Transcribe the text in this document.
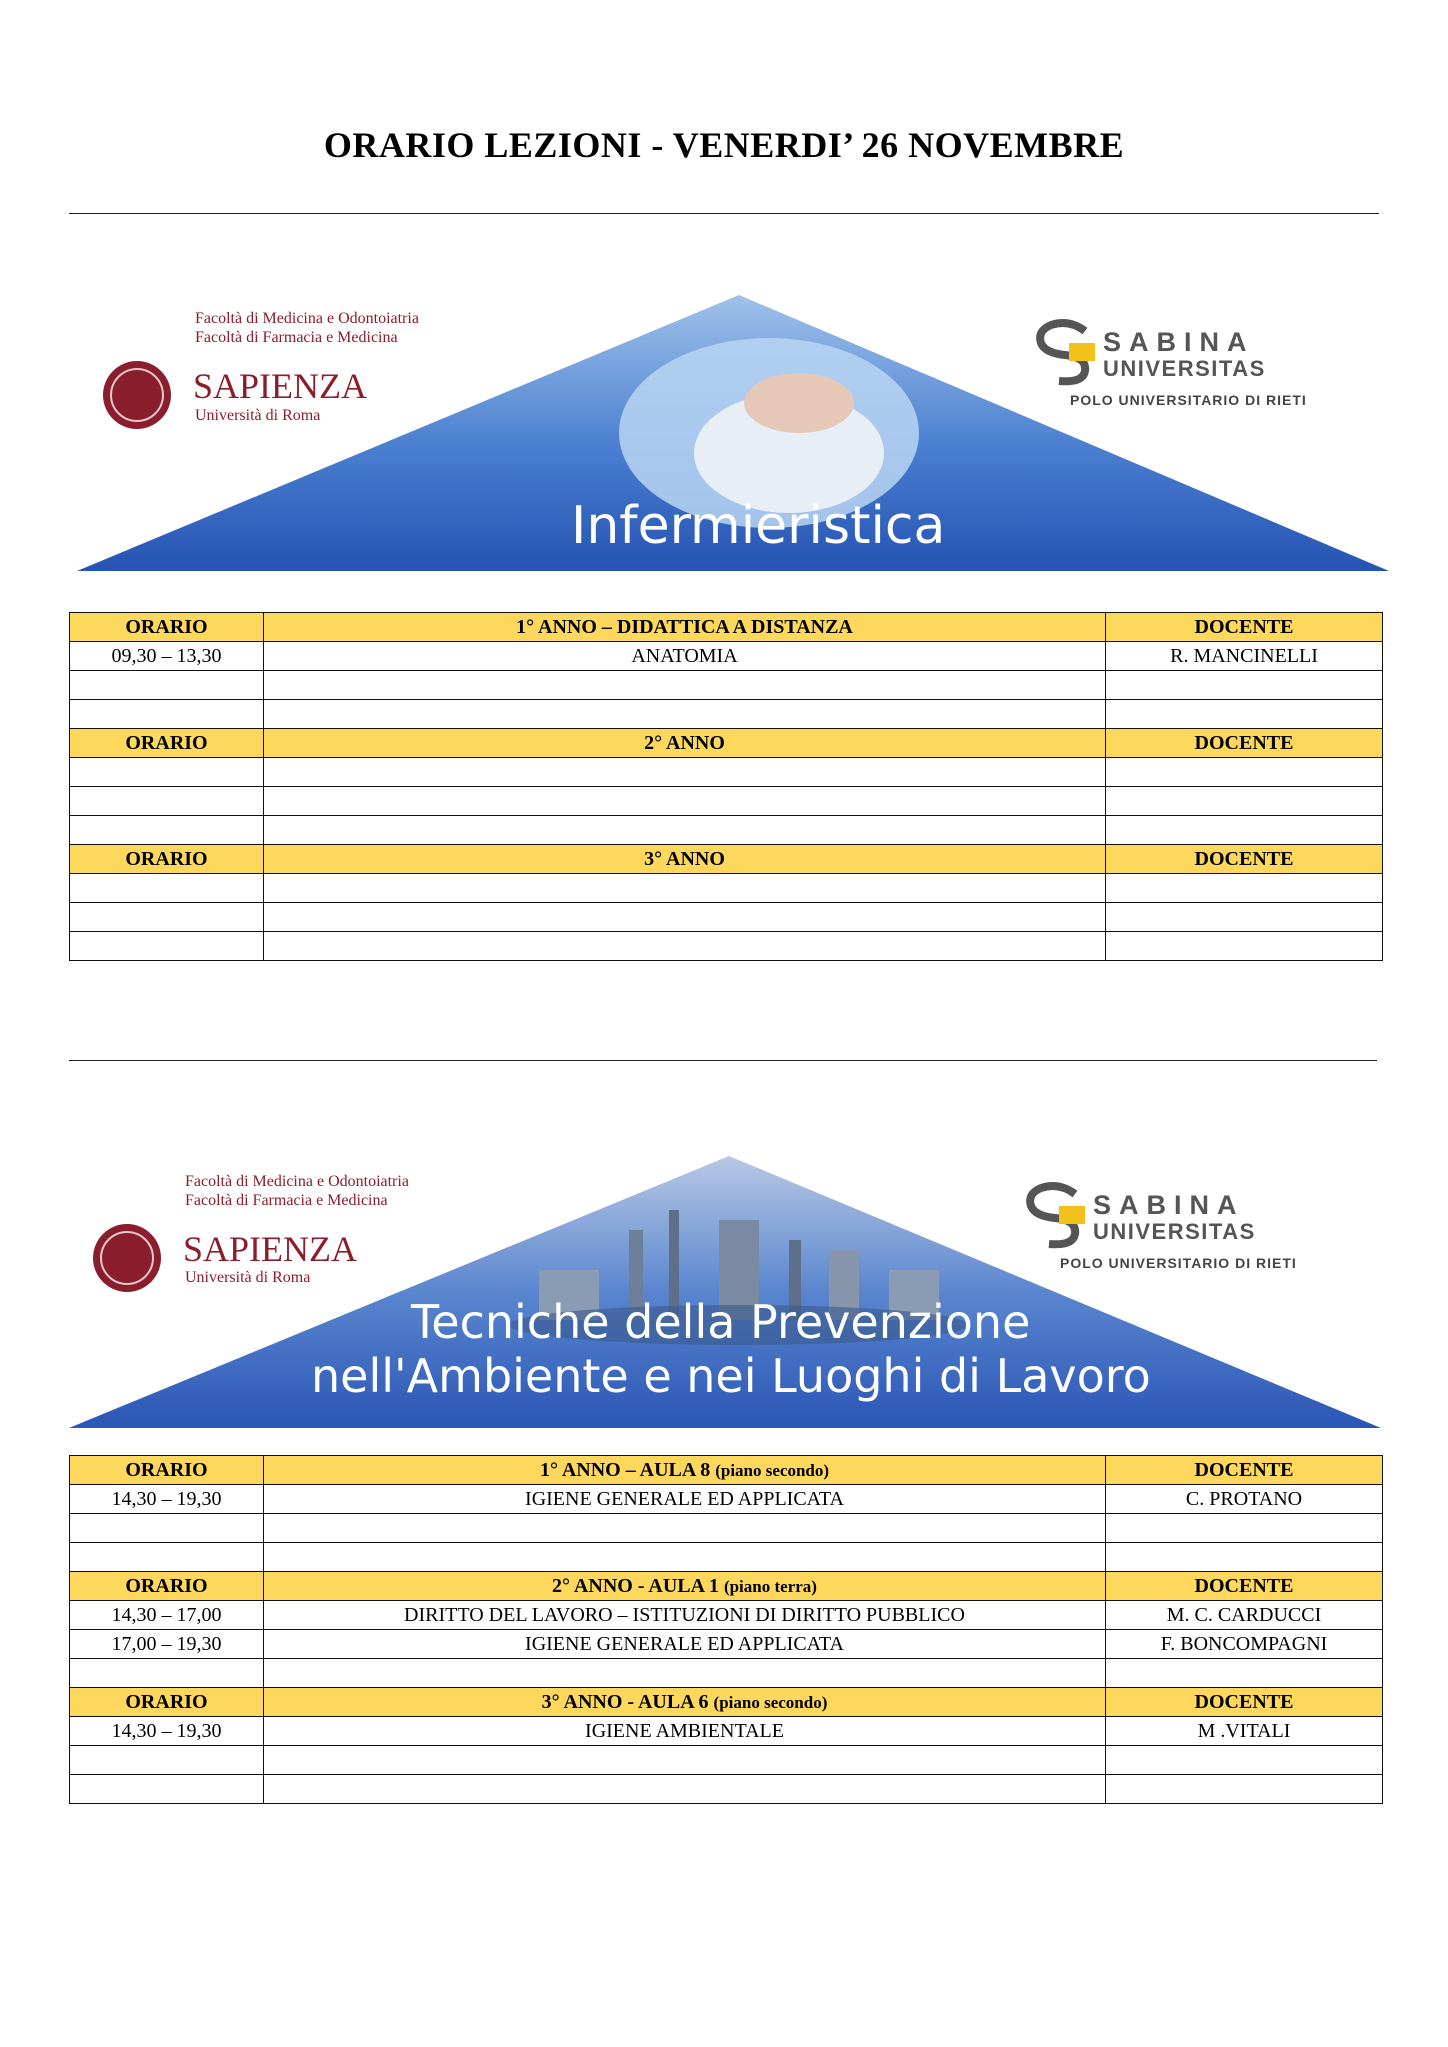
ORARIO LEZIONI - VENERDI’ 26 NOVEMBRE
Facoltà di Medicina e Odontoiatria
Facoltà di Farmacia e Medicina
SAPIENZA
Università di Roma
SABINA
UNIVERSITAS
POLO UNIVERSITARIO DI RIETI
Infermieristica
ORARIO	1° ANNO – DIDATTICA A DISTANZA	DOCENTE
09,30 – 13,30	ANATOMIA	R. MANCINELLI

ORARIO	2° ANNO	DOCENTE

ORARIO	3° ANNO	DOCENTE

Facoltà di Medicina e Odontoiatria
Facoltà di Farmacia e Medicina
SAPIENZA
Università di Roma
SABINA
UNIVERSITAS
POLO UNIVERSITARIO DI RIETI
Tecniche della Prevenzione
nell'Ambiente e nei Luoghi di Lavoro
ORARIO	1° ANNO – AULA 8 (piano secondo)	DOCENTE
14,30 – 19,30	IGIENE GENERALE ED APPLICATA	C. PROTANO

ORARIO	2° ANNO - AULA 1 (piano terra)	DOCENTE
14,30 – 17,00	DIRITTO DEL LAVORO – ISTITUZIONI DI DIRITTO PUBBLICO	M. C. CARDUCCI
17,00 – 19,30	IGIENE GENERALE ED APPLICATA	F. BONCOMPAGNI

ORARIO	3° ANNO - AULA 6 (piano secondo)	DOCENTE
14,30 – 19,30	IGIENE AMBIENTALE	M .VITALI
